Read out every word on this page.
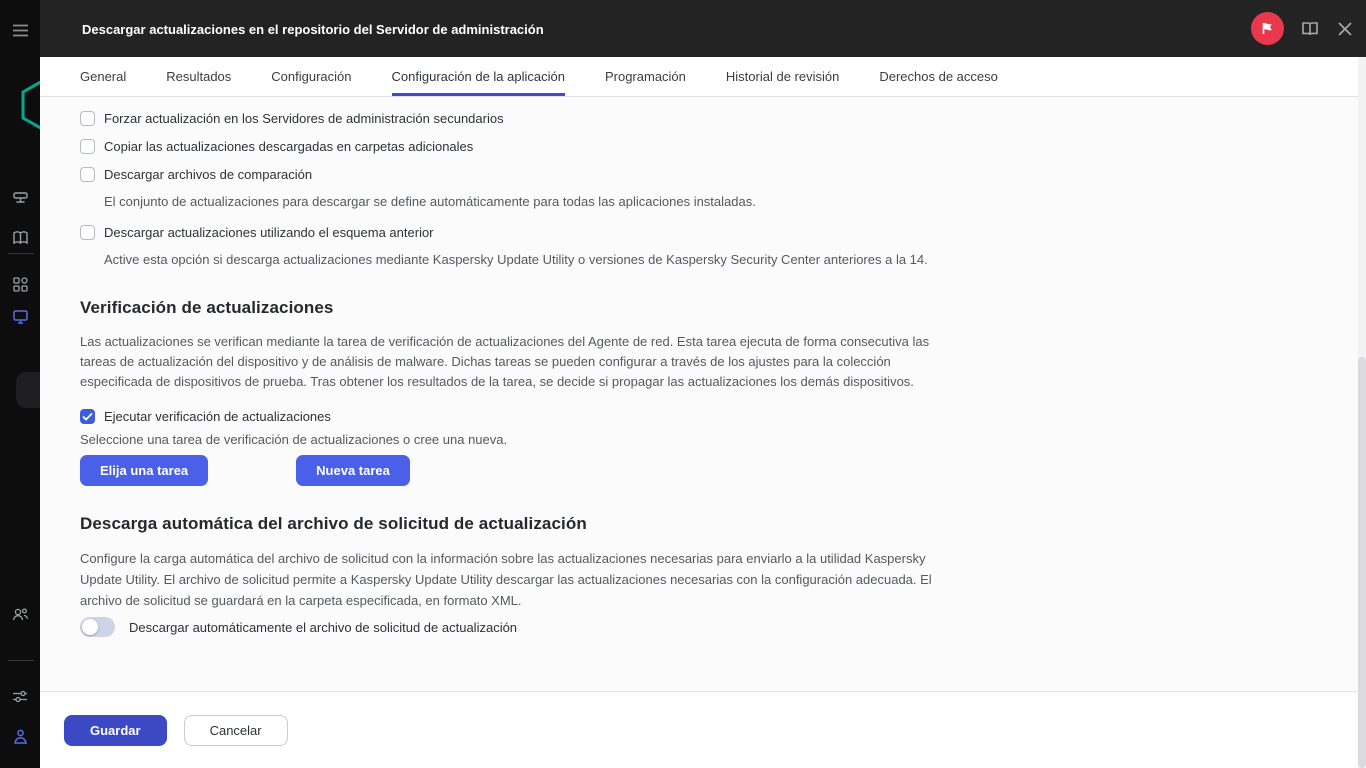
Descargar actualizaciones en el repositorio del Servidor de administración
General	Resultados	Configuración	Configuración de la aplicación	Programación	Historial de revisión	Derechos de acceso
Forzar actualización en los Servidores de administración secundarios
Copiar las actualizaciones descargadas en carpetas adicionales
Descargar archivos de comparación
El conjunto de actualizaciones para descargar se define automáticamente para todas las aplicaciones instaladas.
Descargar actualizaciones utilizando el esquema anterior
Active esta opción si descarga actualizaciones mediante Kaspersky Update Utility o versiones de Kaspersky Security Center anteriores a la 14.
Verificación de actualizaciones
Las actualizaciones se verifican mediante la tarea de verificación de actualizaciones del Agente de red. Esta tarea ejecuta de forma consecutiva las tareas de actualización del dispositivo y de análisis de malware. Dichas tareas se pueden configurar a través de los ajustes para la colección especificada de dispositivos de prueba. Tras obtener los resultados de la tarea, se decide si propagar las actualizaciones los demás dispositivos.
Ejecutar verificación de actualizaciones
Seleccione una tarea de verificación de actualizaciones o cree una nueva.
Elija una tarea	Nueva tarea
Descarga automática del archivo de solicitud de actualización
Configure la carga automática del archivo de solicitud con la información sobre las actualizaciones necesarias para enviarlo a la utilidad Kaspersky Update Utility. El archivo de solicitud permite a Kaspersky Update Utility descargar las actualizaciones necesarias con la configuración adecuada. El archivo de solicitud se guardará en la carpeta especificada, en formato XML.
Descargar automáticamente el archivo de solicitud de actualización
Guardar	Cancelar
